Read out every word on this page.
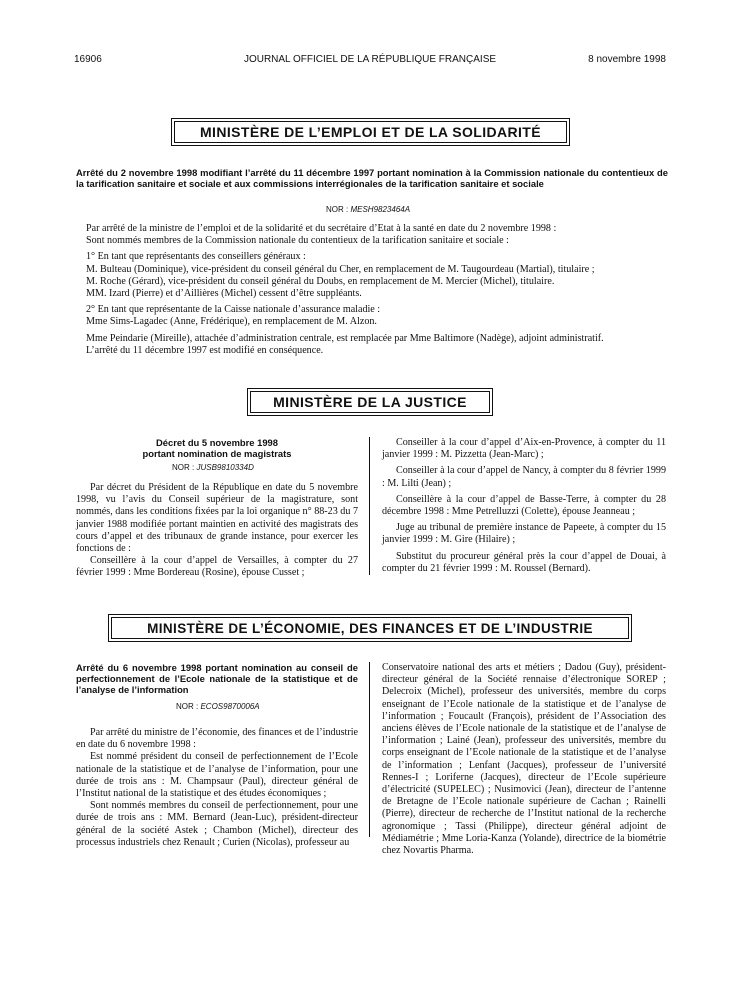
16906	JOURNAL OFFICIEL DE LA RÉPUBLIQUE FRANÇAISE	8 novembre 1998
MINISTÈRE DE L’EMPLOI ET DE LA SOLIDARITÉ
Arrêté du 2 novembre 1998 modifiant l’arrêté du 11 décembre 1997 portant nomination à la Commission nationale du contentieux de la tarification sanitaire et sociale et aux commissions interrégionales de la tarification sanitaire et sociale
NOR : MESH9823464A

Par arrêté de la ministre de l’emploi et de la solidarité et du secrétaire d’Etat à la santé en date du 2 novembre 1998 :

Sont nommés membres de la Commission nationale du contentieux de la tarification sanitaire et sociale :

1° En tant que représentants des conseillers généraux :

M. Bulteau (Dominique), vice-président du conseil général du Cher, en remplacement de M. Taugourdeau (Martial), titulaire ;

M. Roche (Gérard), vice-président du conseil général du Doubs, en remplacement de M. Mercier (Michel), titulaire.

MM. Izard (Pierre) et d’Aillières (Michel) cessent d’être suppléants.

2° En tant que représentante de la Caisse nationale d’assurance maladie :

Mme Sims-Lagadec (Anne, Frédérique), en remplacement de M. Alzon.

Mme Peindarie (Mireille), attachée d’administration centrale, est remplacée par Mme Baltimore (Nadège), adjoint administratif.

L’arrêté du 11 décembre 1997 est modifié en conséquence.

MINISTÈRE DE LA JUSTICE
Décret du 5 novembre 1998
portant nomination de magistrats
NOR : JUSB9810334D

Par décret du Président de la République en date du 5 novembre 1998, vu l’avis du Conseil supérieur de la magistrature, sont nommés, dans les conditions fixées par la loi organique n° 88-23 du 7 janvier 1988 modifiée portant maintien en activité des magistrats des cours d’appel et des tribunaux de grande instance, pour exercer les fonctions de :

Conseillère à la cour d’appel de Versailles, à compter du 27 février 1999 : Mme Bordereau (Rosine), épouse Cusset ;

Conseiller à la cour d’appel d’Aix-en-Provence, à compter du 11 janvier 1999 : M. Pizzetta (Jean-Marc) ;

Conseiller à la cour d’appel de Nancy, à compter du 8 février 1999 : M. Lilti (Jean) ;

Conseillère à la cour d’appel de Basse-Terre, à compter du 28 décembre 1998 : Mme Petrelluzzi (Colette), épouse Jeanneau ;

Juge au tribunal de première instance de Papeete, à compter du 15 janvier 1999 : M. Gire (Hilaire) ;

Substitut du procureur général près la cour d’appel de Douai, à compter du 21 février 1999 : M. Roussel (Bernard).

MINISTÈRE DE L’ÉCONOMIE, DES FINANCES ET DE L’INDUSTRIE
Arrêté du 6 novembre 1998 portant nomination au conseil de perfectionnement de l’Ecole nationale de la statistique et de l’analyse de l’information
NOR : ECOS9870006A

Par arrêté du ministre de l’économie, des finances et de l’industrie en date du 6 novembre 1998 :

Est nommé président du conseil de perfectionnement de l’Ecole nationale de la statistique et de l’analyse de l’information, pour une durée de trois ans : M. Champsaur (Paul), directeur général de l’Institut national de la statistique et des études économiques ;

Sont nommés membres du conseil de perfectionnement, pour une durée de trois ans : MM. Bernard (Jean-Luc), président-directeur général de la société Astek ; Chambon (Michel), directeur des processus industriels chez Renault ; Curien (Nicolas), professeur au

Conservatoire national des arts et métiers ; Dadou (Guy), président-directeur général de la Société rennaise d’électronique SOREP ; Delecroix (Michel), professeur des universités, membre du corps enseignant de l’Ecole nationale de la statistique et de l’analyse de l’information ; Foucault (François), président de l’Association des anciens élèves de l’Ecole nationale de la statistique et de l’analyse de l’information ; Lainé (Jean), professeur des universités, membre du corps enseignant de l’Ecole nationale de la statistique et de l’analyse de l’information ; Lenfant (Jacques), professeur de l’université Rennes-I ; Loriferne (Jacques), directeur de l’Ecole supérieure d’électricité (SUPELEC) ; Nusimovici (Jean), directeur de l’antenne de Bretagne de l’Ecole nationale supérieure de Cachan ; Rainelli (Pierre), directeur de recherche de l’Institut national de la recherche agronomique ; Tassi (Philippe), directeur général adjoint de Médiamétrie ; Mme Loria-Kanza (Yolande), directrice de la biométrie chez Novartis Pharma.
